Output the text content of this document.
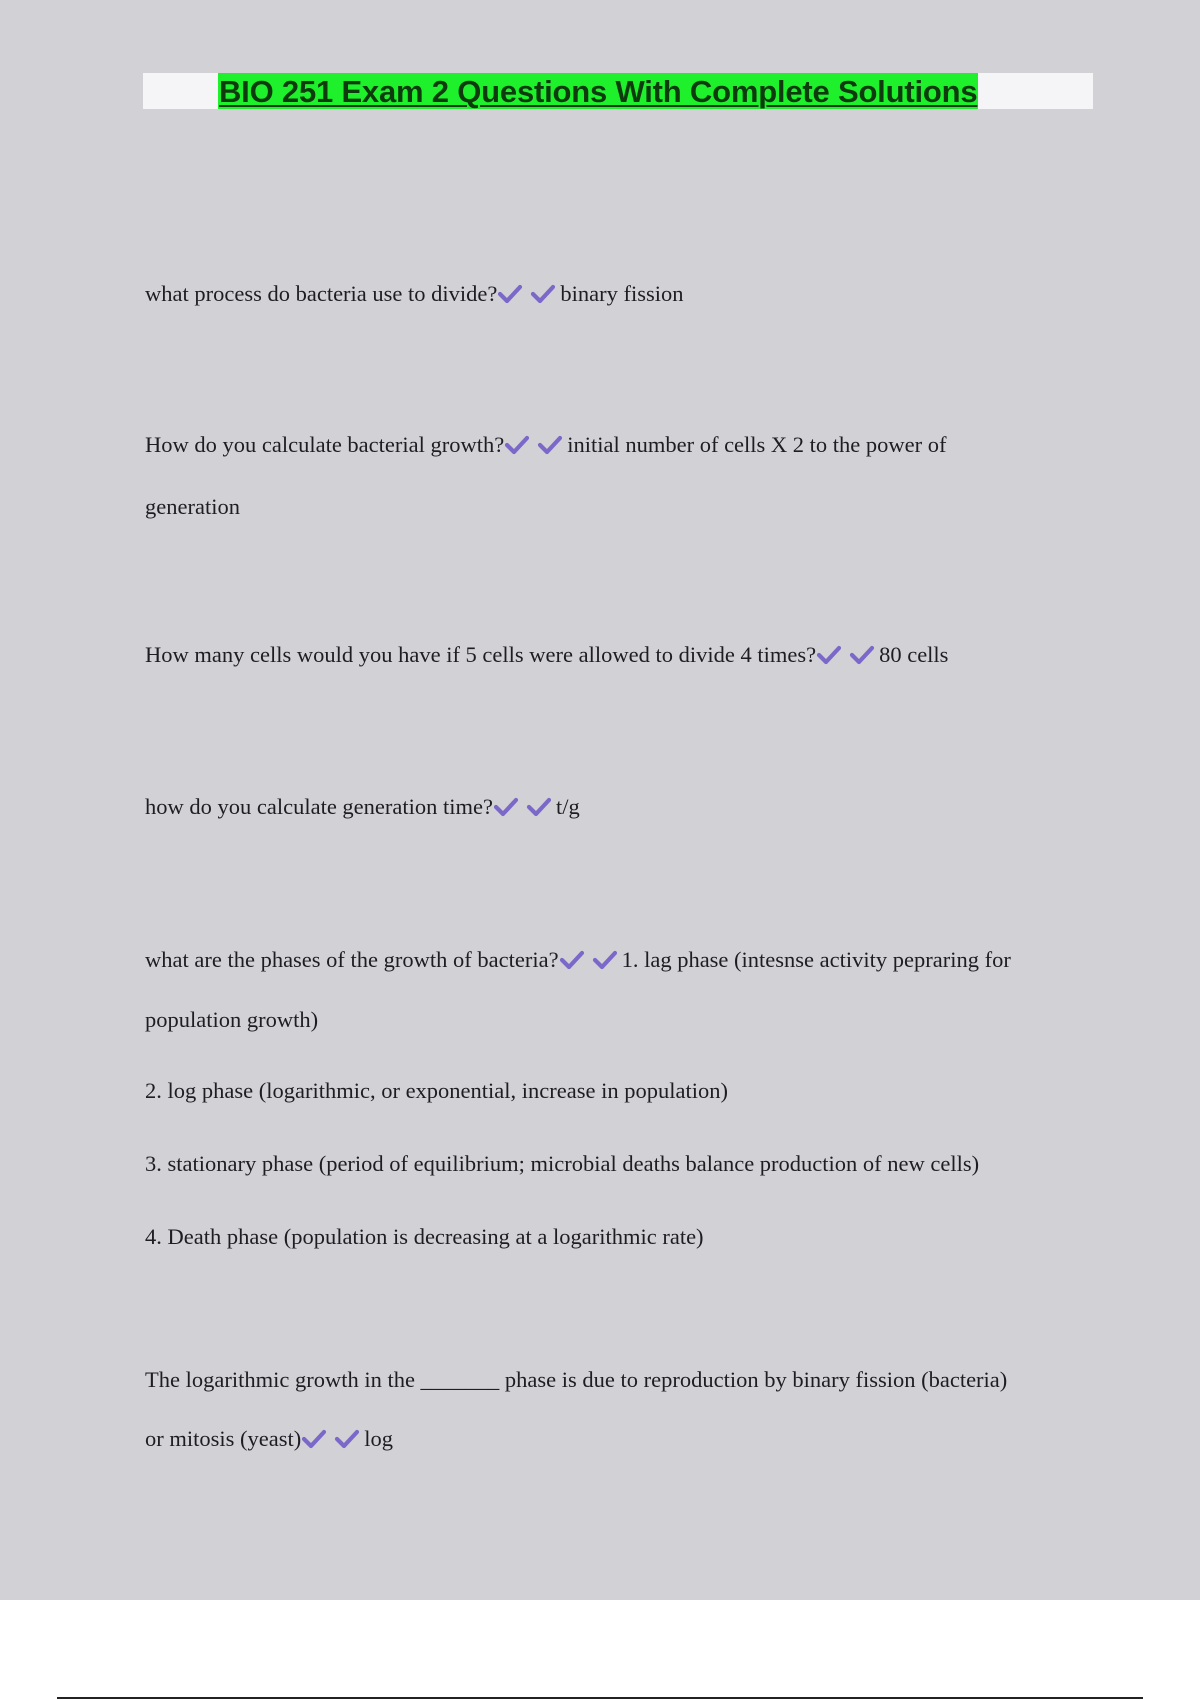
BIO 251 Exam 2 Questions With Complete Solutions
what process do bacteria use to divide?	binary fission
How do you calculate bacterial growth?	initial number of cells X 2 to the power of
generation
How many cells would you have if 5 cells were allowed to divide 4 times?	80 cells
how do you calculate generation time?	t/g
what are the phases of the growth of bacteria?	1. lag phase (intesnse activity pepraring for
population growth)
2. log phase (logarithmic, or exponential, increase in population)
3. stationary phase (period of equilibrium; microbial deaths balance production of new cells)
4. Death phase (population is decreasing at a logarithmic rate)
The logarithmic growth in the _______ phase is due to reproduction by binary fission (bacteria)
or mitosis (yeast)	log
